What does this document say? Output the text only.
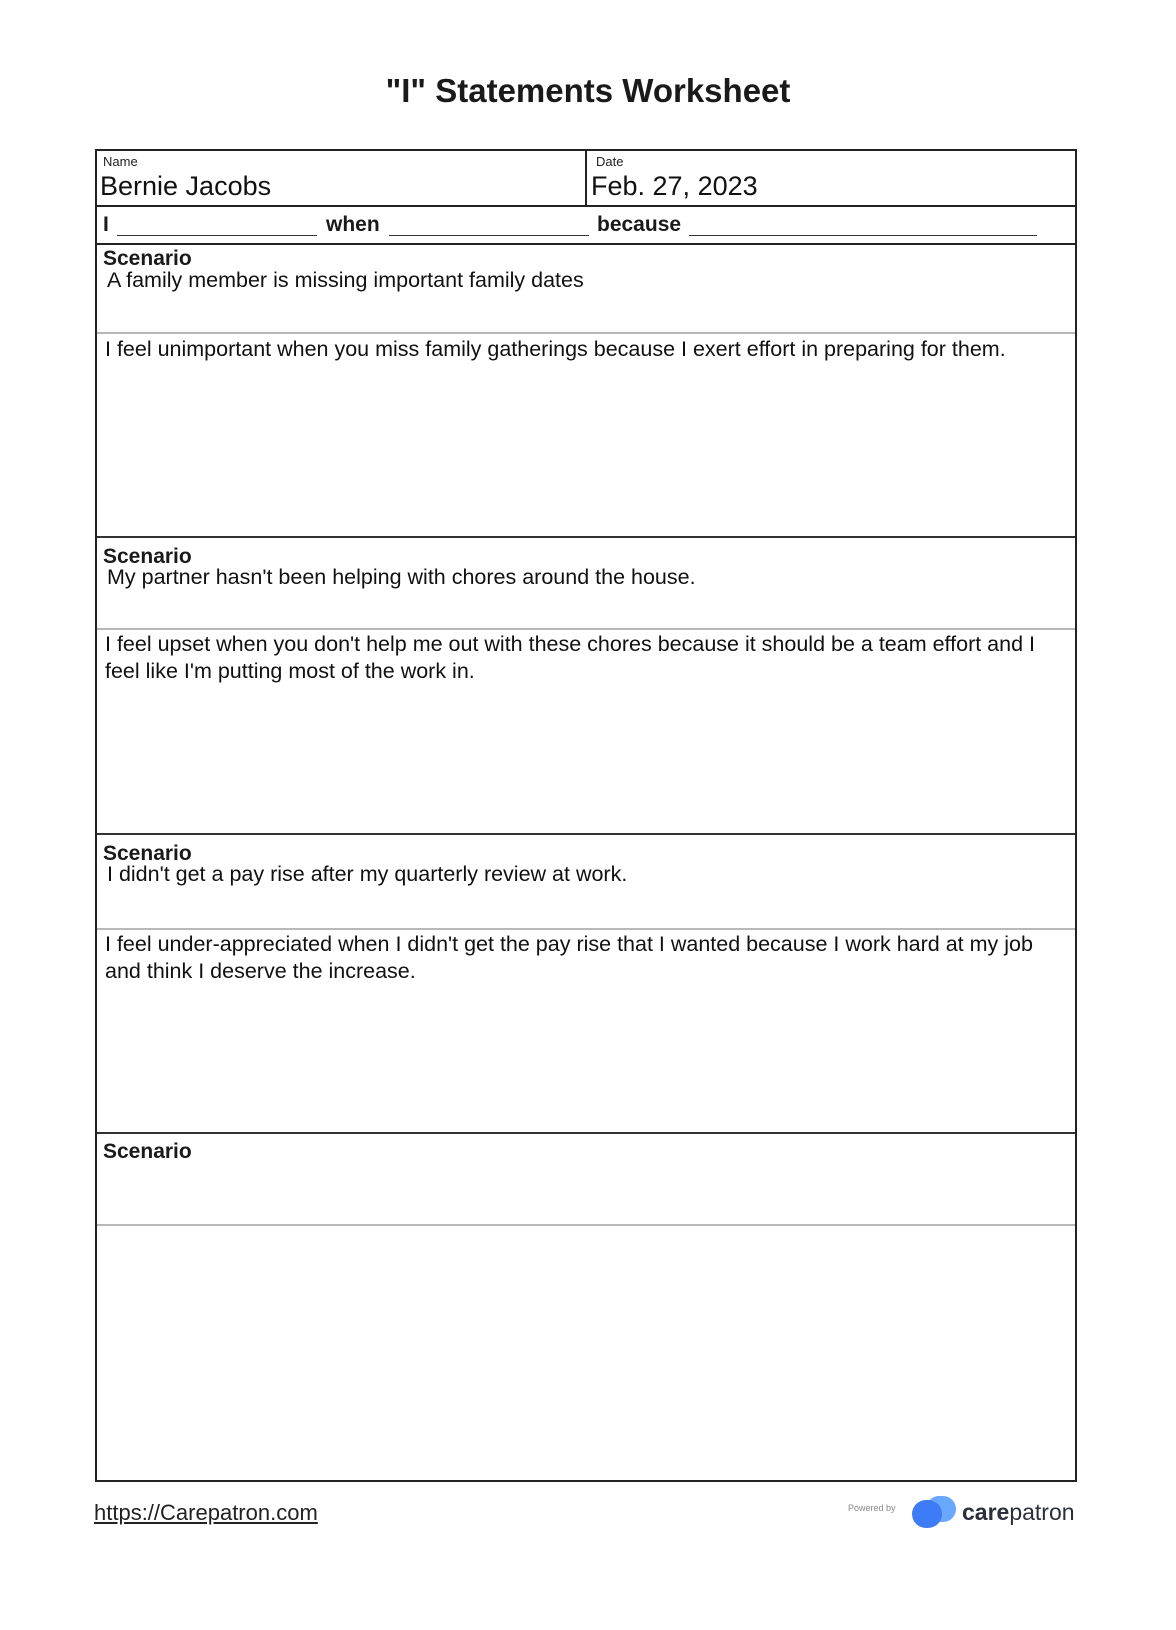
"I" Statements Worksheet
Name
Bernie Jacobs
Date
Feb. 27, 2023
I	when	because
Scenario
A family member is missing important family dates
I feel unimportant when you miss family gatherings because I exert effort in preparing for them.
Scenario
My partner hasn't been helping with chores around the house.
I feel upset when you don't help me out with these chores because it should be a team effort and I feel like I'm putting most of the work in.
Scenario
I didn't get a pay rise after my quarterly review at work.
I feel under-appreciated when I didn't get the pay rise that I wanted because I work hard at my job and think I deserve the increase.
Scenario
https://Carepatron.com	Powered by	carepatron
